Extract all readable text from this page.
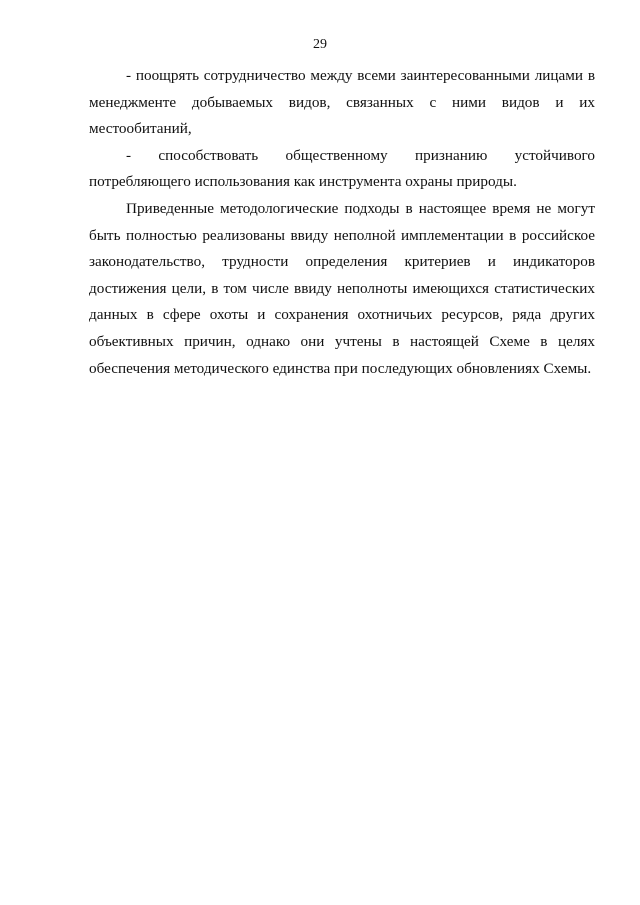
29

- поощрять сотрудничество между всеми заинтересованными лицами в менеджменте добываемых видов, связанных с ними видов и их местообитаний,

- способствовать общественному признанию устойчивого потребляющего использования как инструмента охраны природы.

Приведенные методологические подходы в настоящее время не могут быть полностью реализованы ввиду неполной имплементации в российское законодательство, трудности определения критериев и индикаторов достижения цели, в том числе ввиду неполноты имеющихся статистических данных в сфере охоты и сохранения охотничьих ресурсов, ряда других объективных причин, однако они учтены в настоящей Схеме в целях обеспечения методического единства при последующих обновлениях Схемы.
